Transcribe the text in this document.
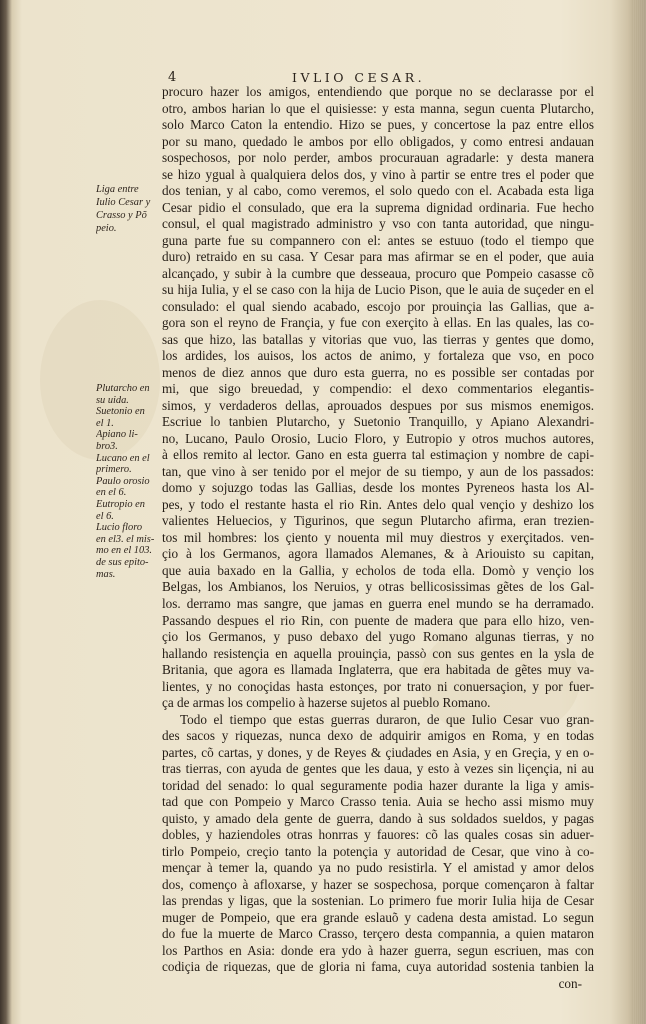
4	IVLIO CESAR.
Liga entre
Iulio Cesar y
Crasso y Põ
peio.
Plutarcho en
su uida.
Suetonio en
el 1.
Apiano li-
bro3.
Lucano en el
primero.
Paulo orosio
en el 6.
Eutropio en
el 6.
Lucio floro
en el3. el mis-
mo en el 103.
de sus epito-
mas.
procuro hazer los amigos, entendiendo que porque no se declarasse por el
otro, ambos harian lo que el quisiesse: y esta manna, segun cuenta Plutarcho,
solo Marco Caton la entendio. Hizo se pues, y concertose la paz entre ellos
por su mano, quedado le ambos por ello obligados, y como entresi andauan
sospechosos, por nolo perder, ambos procurauan agradarle: y desta manera
se hizo ygual à qualquiera delos dos, y vino à partir se entre tres el poder que
dos tenian, y al cabo, como veremos, el solo quedo con el. Acabada esta liga
Cesar pidio el consulado, que era la suprema dignidad ordinaria. Fue hecho
consul, el qual magistrado administro y vso con tanta autoridad, que ningu-
guna parte fue su compannero con el: antes se estuuo (todo el tiempo que
duro) retraido en su casa. Y Cesar para mas afirmar se en el poder, que auia
alcançado, y subir à la cumbre que desseaua, procuro que Pompeio casasse cõ
su hija Iulia, y el se caso con la hija de Lucio Pison, que le auia de suçeder en el
consulado: el qual siendo acabado, escojo por prouinçia las Gallias, que a-
gora son el reyno de Françia, y fue con exerçito à ellas. En las quales, las co-
sas que hizo, las batallas y vitorias que vuo, las tierras y gentes que domo,
los ardides, los auisos, los actos de animo, y fortaleza que vso, en poco
menos de diez annos que duro esta guerra, no es possible ser contadas por
mi, que sigo breuedad, y compendio: el dexo commentarios elegantis-
simos, y verdaderos dellas, aprouados despues por sus mismos enemigos.
Escriue lo tanbien Plutarcho, y Suetonio Tranquillo, y Apiano Alexandri-
no, Lucano, Paulo Orosio, Lucio Floro, y Eutropio y otros muchos autores,
à ellos remito al lector. Gano en esta guerra tal estimaçion y nombre de capi-
tan, que vino à ser tenido por el mejor de su tiempo, y aun de los passados:
domo y sojuzgo todas las Gallias, desde los montes Pyreneos hasta los Al-
pes, y todo el restante hasta el rio Rin. Antes delo qual vençio y deshizo los
valientes Heluecios, y Tigurinos, que segun Plutarcho afirma, eran trezien-
tos mil hombres: los çiento y nouenta mil muy diestros y exerçitados. ven-
çio à los Germanos, agora llamados Alemanes, & à Ariouisto su capitan,
que auia baxado en la Gallia, y echolos de toda ella. Domò y vençio los
Belgas, los Ambianos, los Neruios, y otras bellicosissimas gẽtes de los Gal-
los. derramo mas sangre, que jamas en guerra enel mundo se ha derramado.
Passando despues el rio Rin, con puente de madera que para ello hizo, ven-
çio los Germanos, y puso debaxo del yugo Romano algunas tierras, y no
hallando resistençia en aquella prouinçia, passò con sus gentes en la ysla de
Britania, que agora es llamada Inglaterra, que era habitada de gẽtes muy va-
lientes, y no conoçidas hasta estonçes, por trato ni conuersaçion, y por fuer-
ça de armas los compelio à hazerse sujetos al pueblo Romano.
Todo el tiempo que estas guerras duraron, de que Iulio Cesar vuo gran-
des sacos y riquezas, nunca dexo de adquirir amigos en Roma, y en todas
partes, cõ cartas, y dones, y de Reyes & çiudades en Asia, y en Greçia, y en o-
tras tierras, con ayuda de gentes que les daua, y esto à vezes sin liçençia, ni au
toridad del senado: lo qual seguramente podia hazer durante la liga y amis-
tad que con Pompeio y Marco Crasso tenia. Auia se hecho assi mismo muy
quisto, y amado dela gente de guerra, dando à sus soldados sueldos, y pagas
dobles, y haziendoles otras honrras y fauores: cõ las quales cosas sin aduer-
tirlo Pompeio, creçio tanto la potençia y autoridad de Cesar, que vino à co-
mençar à temer la, quando ya no pudo resistirla. Y el amistad y amor delos
dos, començo à afloxarse, y hazer se sospechosa, porque començaron à faltar
las prendas y ligas, que la sostenian. Lo primero fue morir Iulia hija de Cesar
muger de Pompeio, que era grande eslauõ y cadena desta amistad. Lo segun
do fue la muerte de Marco Crasso, terçero desta compannia, a quien mataron
los Parthos en Asia: donde era ydo à hazer guerra, segun escriuen, mas con
codiçia de riquezas, que de gloria ni fama, cuya autoridad sostenia tanbien la
con-
